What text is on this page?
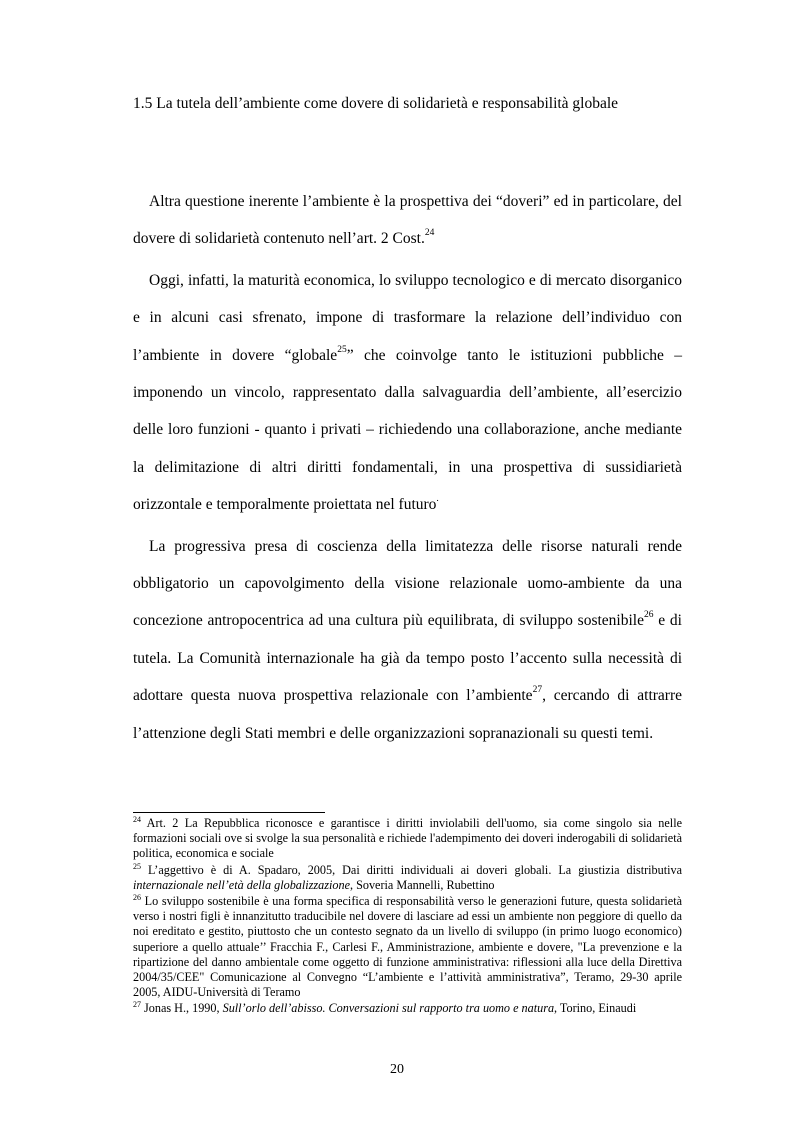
1.5 La tutela dell’ambiente come dovere di solidarietà e responsabilità globale

Altra questione inerente l’ambiente è la prospettiva dei “doveri” ed in particolare, del dovere di solidarietà contenuto nell’art. 2 Cost.$^{24}$

Oggi, infatti, la maturità economica, lo sviluppo tecnologico e di mercato disorganico e in alcuni casi sfrenato, impone di trasformare la relazione dell’individuo con l’ambiente in dovere “globale$^{25}$” che coinvolge tanto le istituzioni pubbliche – imponendo un vincolo, rappresentato dalla salvaguardia dell’ambiente, all’esercizio delle loro funzioni - quanto i privati – richiedendo una collaborazione, anche mediante la delimitazione di altri diritti fondamentali, in una prospettiva di sussidiarietà orizzontale e temporalmente proiettata nel futuro.

La progressiva presa di coscienza della limitatezza delle risorse naturali rende obbligatorio un capovolgimento della visione relazionale uomo-ambiente da una concezione antropocentrica ad una cultura più equilibrata, di sviluppo sostenibile$^{26}$ e di tutela. La Comunità internazionale ha già da tempo posto l’accento sulla necessità di adottare questa nuova prospettiva relazionale con l’ambiente$^{27}$, cercando di attrarre l’attenzione degli Stati membri e delle organizzazioni sopranazionali su questi temi.

$^{24}$ Art. 2 La Repubblica riconosce e garantisce i diritti inviolabili dell'uomo, sia come singolo sia nelle formazioni sociali ove si svolge la sua personalità e richiede l'adempimento dei doveri inderogabili di solidarietà politica, economica e sociale

$^{25}$ L’aggettivo è di A. Spadaro, 2005, Dai diritti individuali ai doveri globali. La giustizia distributiva internazionale nell’età della globalizzazione, Soveria Mannelli, Rubettino

$^{26}$ Lo sviluppo sostenibile è una forma specifica di responsabilità verso le generazioni future, questa solidarietà verso i nostri figli è innanzitutto traducibile nel dovere di lasciare ad essi un ambiente non peggiore di quello da noi ereditato e gestito, piuttosto che un contesto segnato da un livello di sviluppo (in primo luogo economico) superiore a quello attuale’’ Fracchia F., Carlesi F., Amministrazione, ambiente e dovere, "La prevenzione e la ripartizione del danno ambientale come oggetto di funzione amministrativa: riflessioni alla luce della Direttiva 2004/35/CEE" Comunicazione al Convegno “L’ambiente e l’attività amministrativa”, Teramo, 29-30 aprile 2005, AIDU-Università di Teramo

$^{27}$ Jonas H., 1990, Sull’orlo dell’abisso. Conversazioni sul rapporto tra uomo e natura, Torino, Einaudi

20
